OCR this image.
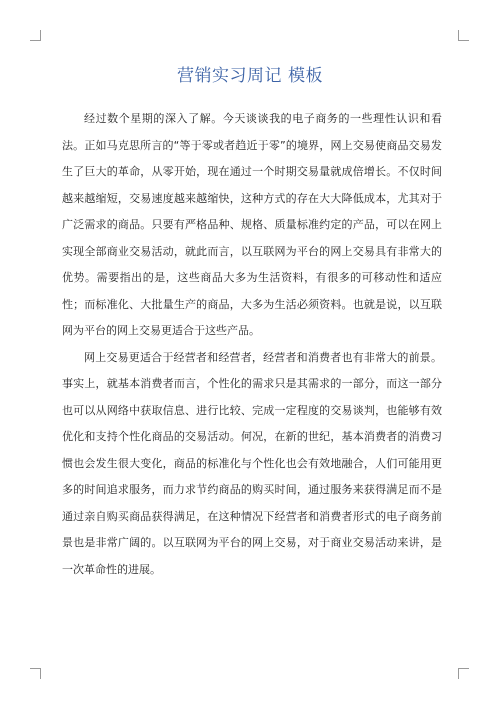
营销实习周记 模板

经过数个星期的深入了解。今天谈谈我的电子商务的一些理性认识和看法。正如马克思所言的“等于零或者趋近于零”的境界，网上交易使商品交易发生了巨大的革命，从零开始，现在通过一个时期交易量就成倍增长。不仅时间越来越缩短，交易速度越来越缩快，这种方式的存在大大降低成本，尤其对于广泛需求的商品。只要有严格品种、规格、质量标准约定的产品，可以在网上实现全部商业交易活动，就此而言，以互联网为平台的网上交易具有非常大的优势。需要指出的是，这些商品大多为生活资料，有很多的可移动性和适应性；而标准化、大批量生产的商品，大多为生活必须资料。也就是说，以互联网为平台的网上交易更适合于这些产品。

网上交易更适合于经营者和经营者，经营者和消费者也有非常大的前景。事实上，就基本消费者而言，个性化的需求只是其需求的一部分，而这一部分也可以从网络中获取信息、进行比较、完成一定程度的交易谈判，也能够有效优化和支持个性化商品的交易活动。何况，在新的世纪，基本消费者的消费习惯也会发生很大变化，商品的标准化与个性化也会有效地融合，人们可能用更多的时间追求服务，而力求节约商品的购买时间，通过服务来获得满足而不是通过亲自购买商品获得满足，在这种情况下经营者和消费者形式的电子商务前景也是非常广阔的。以互联网为平台的网上交易，对于商业交易活动来讲，是一次革命性的进展。
